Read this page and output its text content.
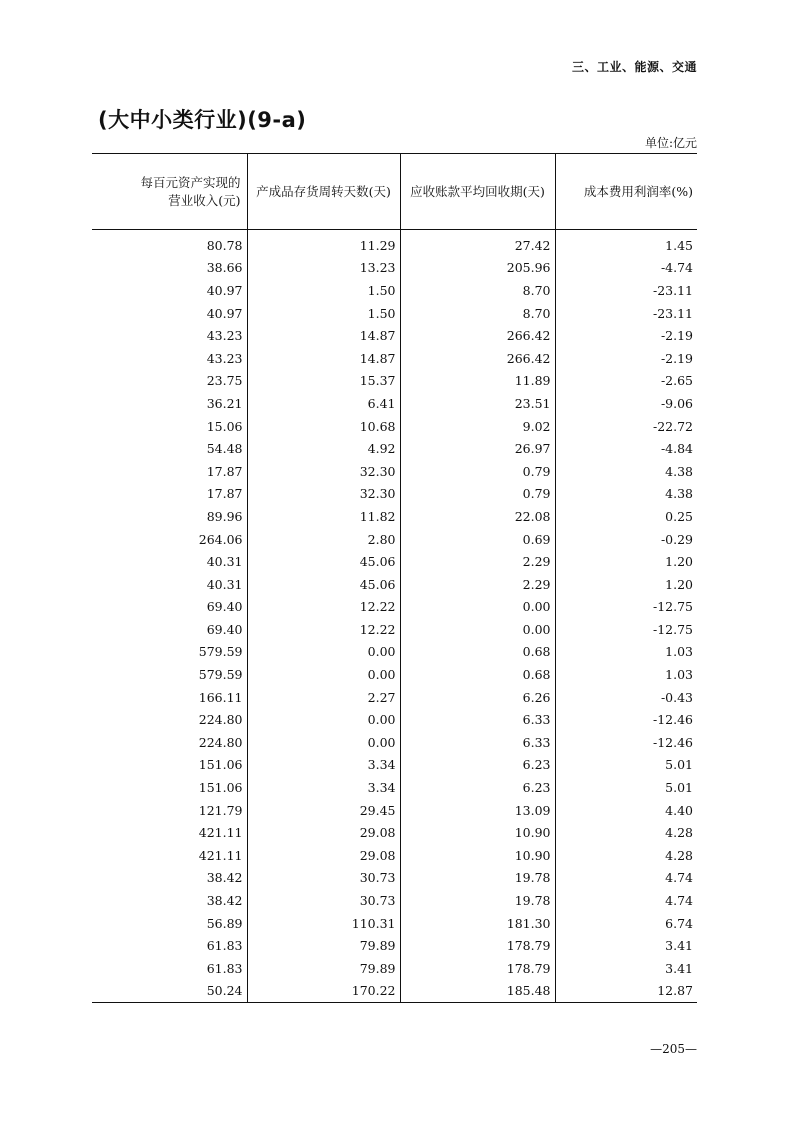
三、工业、能源、交通
(大中小类行业)(9-a)
单位:亿元
每百元资产实现的
营业收入(元)	产成品存货周转天数(天)	应收账款平均回收期(天)	成本费用利润率(%)
80.78	11.29	27.42	1.45
38.66	13.23	205.96	-4.74
40.97	1.50	8.70	-23.11
40.97	1.50	8.70	-23.11
43.23	14.87	266.42	-2.19
43.23	14.87	266.42	-2.19
23.75	15.37	11.89	-2.65
36.21	6.41	23.51	-9.06
15.06	10.68	9.02	-22.72
54.48	4.92	26.97	-4.84
17.87	32.30	0.79	4.38
17.87	32.30	0.79	4.38
89.96	11.82	22.08	0.25
264.06	2.80	0.69	-0.29
40.31	45.06	2.29	1.20
40.31	45.06	2.29	1.20
69.40	12.22	0.00	-12.75
69.40	12.22	0.00	-12.75
579.59	0.00	0.68	1.03
579.59	0.00	0.68	1.03
166.11	2.27	6.26	-0.43
224.80	0.00	6.33	-12.46
224.80	0.00	6.33	-12.46
151.06	3.34	6.23	5.01
151.06	3.34	6.23	5.01
121.79	29.45	13.09	4.40
421.11	29.08	10.90	4.28
421.11	29.08	10.90	4.28
38.42	30.73	19.78	4.74
38.42	30.73	19.78	4.74
56.89	110.31	181.30	6.74
61.83	79.89	178.79	3.41
61.83	79.89	178.79	3.41
50.24	170.22	185.48	12.87
—205—
